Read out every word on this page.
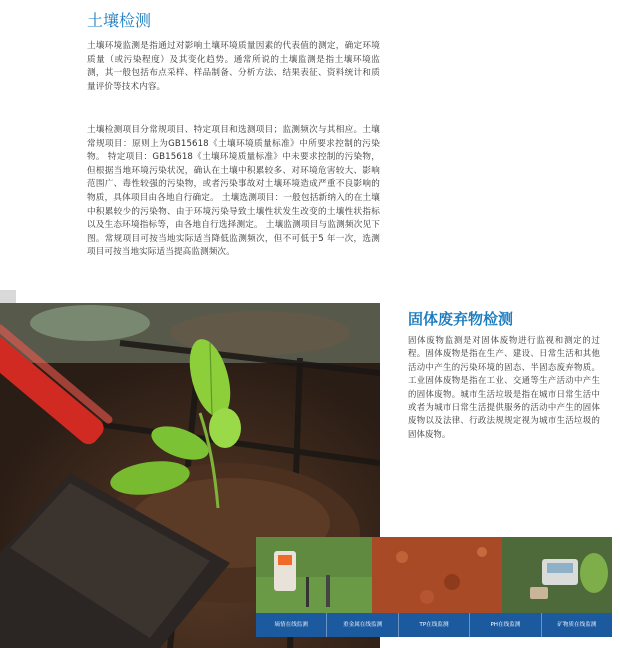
土壤检测

土壤环境监测是指通过对影响土壤环境质量因素的代表值的测定，确定环境质量（或污染程度）及其变化趋势。通常所说的土壤监测是指土壤环境监测，其一般包括布点采样、样品制备、分析方法、结果表征、资料统计和质量评价等技术内容。

土壤检测项目分常规项目、特定项目和选测项目；监测频次与其相应。土壤常规项目：原则上为GB15618《土壤环境质量标准》中所要求控制的污染物。 特定项目：GB15618《土壤环境质量标准》中未要求控制的污染物，但根据当地环境污染状况，确认在土壤中积累较多、对环境危害较大、影响范围广、毒性较强的污染物，或者污染事故对土壤环境造成严重不良影响的物质，具体项目由各地自行确定。 土壤选测项目：一般包括新纳入的在土壤中积累较少的污染物、由于环境污染导致土壤性状发生改变的土壤性状指标以及生态环境指标等，由各地自行选择测定。 土壤监测项目与监测频次见下图。常规项目可按当地实际适当降低监测频次，但不可低于5 年一次，选测项目可按当地实际适当提高监测频次。

固体废弃物检测

固体废物监测是对固体废物进行监视和测定的过程。固体废物是指在生产、建设、日常生活和其他活动中产生的污染环境的固态、半固态废弃物质。工业固体废物是指在工业、交通等生产活动中产生的固体废物。城市生活垃圾是指在城市日常生活中或者为城市日常生活提供服务的活动中产生的固体废物以及法律、行政法规规定视为城市生活垃圾的固体废物。

墒情在线监测	重金属在线监测	TP在线监测	PH在线监测	矿物质在线监测
